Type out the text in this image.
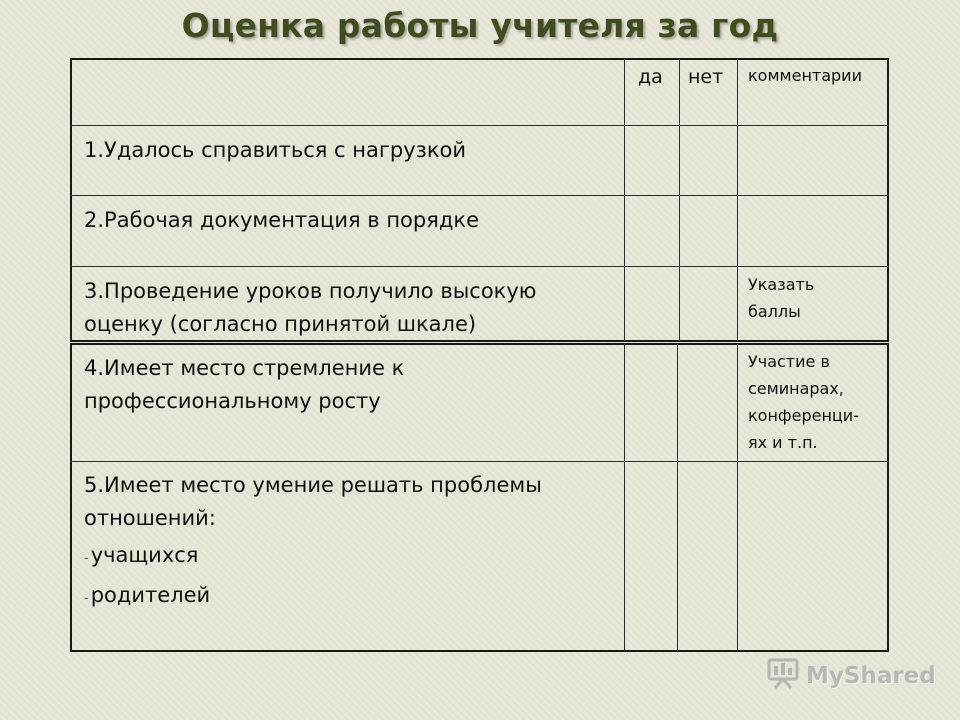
Оценка работы учителя за год
да нет комментарии
1.Удалось справиться с нагрузкой
2.Рабочая документация в порядке
3.Проведение уроков получило высокую
оценку (согласно принятой шкале)
Указать
баллы
4.Имеет место стремление к
профессиональному росту
Участие в
семинарах,
конференци-
ях и т.п.
5.Имеет место умение решать проблемы
отношений:
-учащихся
-родителей
MyShared
